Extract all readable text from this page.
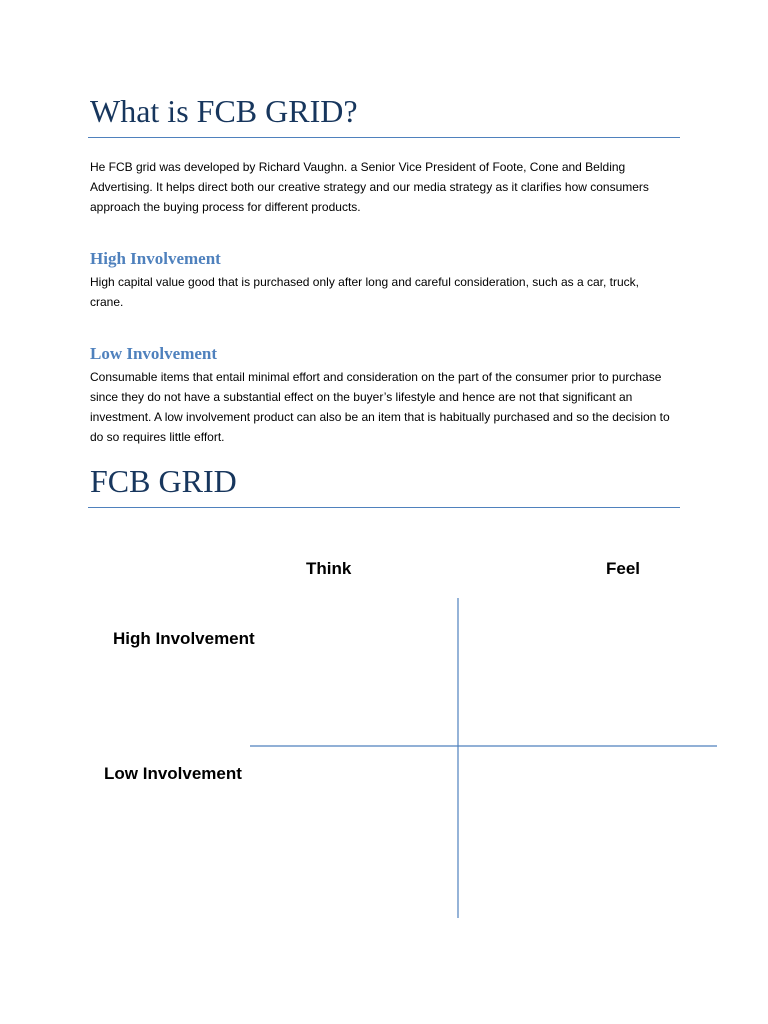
What is FCB GRID?

He FCB grid was developed by Richard Vaughn. a Senior Vice President of Foote, Cone and Belding Advertising. It helps direct both our creative strategy and our media strategy as it clarifies how consumers approach the buying process for different products.

High Involvement

High capital value good that is purchased only after long and careful consideration, such as a car, truck, crane.

Low Involvement

Consumable items that entail minimal effort and consideration on the part of the consumer prior to purchase since they do not have a substantial effect on the buyer’s lifestyle and hence are not that significant an investment. A low involvement product can also be an item that is habitually purchased and so the decision to do so requires little effort.

FCB GRID
Think	Feel
High Involvement
Low Involvement
